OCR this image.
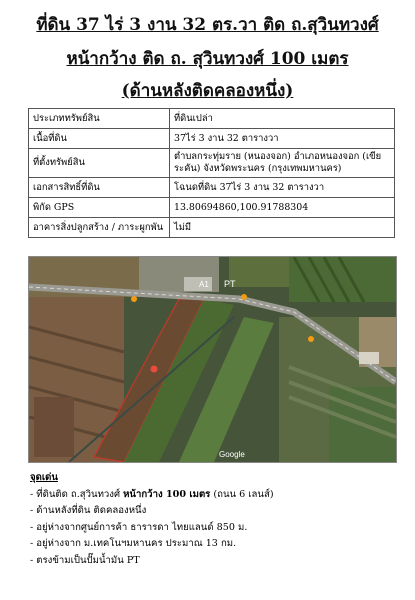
ที่ดิน 37 ไร่ 3 งาน 32 ตร.วา ติด ถ.สุวินทวงศ์
หน้ากว้าง ติด ถ. สุวินทวงศ์ 100 เมตร
(ด้านหลังติดคลองหนึ่ง)
ประเภททรัพย์สิน	ที่ดินเปล่า
เนื้อที่ดิน	37ไร่ 3 งาน 32 ตารางวา
ที่ตั้งทรัพย์สิน	ตำบลกระทุ่มราย (หนองจอก) อำเภอหนองจอก (เขียระคัน) จังหวัดพระนคร (กรุงเทพมหานคร)
เอกสารสิทธิ์ที่ดิน	โฉนดที่ดิน 37ไร่ 3 งาน 32 ตารางวา
พิกัด GPS	13.80694860,100.91788304
อาคารสิ่งปลูกสร้าง / ภาระผูกพัน	ไม่มี
PT
A1
Google
จุดเด่น
- ที่ดินติด ถ.สุวินทวงศ์ หน้ากว้าง 100 เมตร (ถนน 6 เลนส์)
- ด้านหลังที่ดิน ติดคลองหนึ่ง
- อยู่ห่างจากศูนย์การค้า ธารารดา ไทยแลนด์ 850 ม.
- อยู่ห่างจาก ม.เทคโนฯมหานคร ประมาณ 13 กม.
- ตรงข้ามเป็นปั๊มน้ำมัน PT
